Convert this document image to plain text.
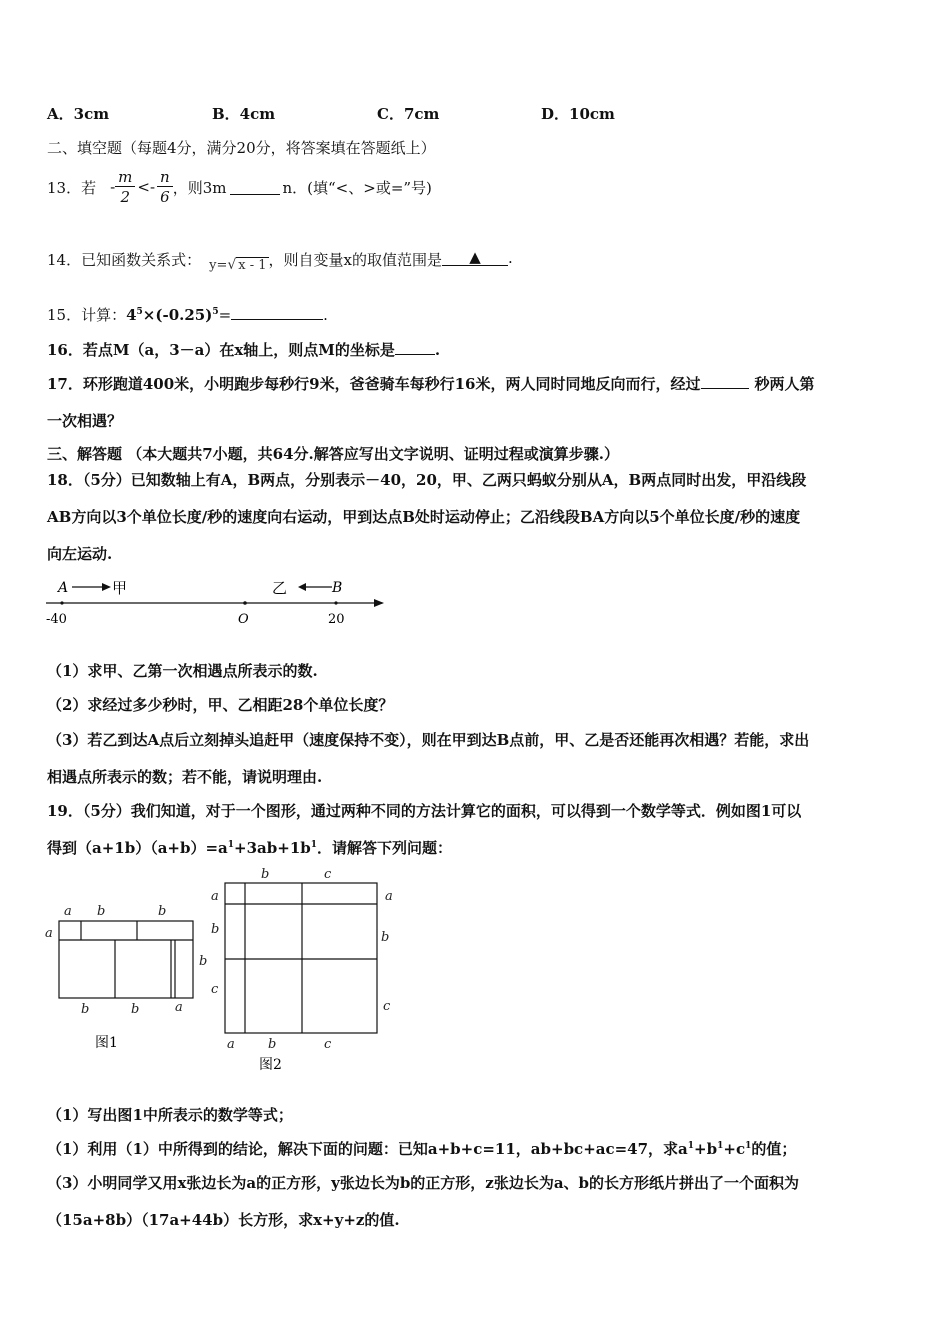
A．3cm	B．4cm	C．7cm	D．10cm
二、填空题（每题4分，满分20分，将答案填在答题纸上）
13．若 - $\frac{m}{2} <- \frac{n}{6}$ ，则3m	n．(填“<、>或=”号)
14．已知函数关系式： y=√ x - 1 ，则自变量x的取值范围是	▲	.
15．计算：$4^5\times(-0.25)^5=$	.
16．若点M（a，3－a）在x轴上，则点M的坐标是	.
17．环形跑道400米，小明跑步每秒行9米，爸爸骑车每秒行16米，两人同时同地反向而行，经过	秒两人第
一次相遇？
三、解答题 （本大题共7小题，共64分.解答应写出文字说明、证明过程或演算步骤.）
18．（5分）已知数轴上有A，B两点，分别表示－40，20，甲、乙两只蚂蚁分别从A，B两点同时出发，甲沿线段
AB方向以3个单位长度/秒的速度向右运动，甲到达点B处时运动停止；乙沿线段BA方向以5个单位长度/秒的速度
向左运动.
A	甲	乙	B
-40	O	20
（1）求甲、乙第一次相遇点所表示的数.
（2）求经过多少秒时，甲、乙相距28个单位长度？
（3）若乙到达A点后立刻掉头追赶甲（速度保持不变），则在甲到达B点前，甲、乙是否还能再次相遇？若能，求出
相遇点所表示的数；若不能，请说明理由.
19．（5分）我们知道，对于一个图形，通过两种不同的方法计算它的面积，可以得到一个数学等式．例如图1可以
得到$(a+1b)(a+b)=a^1+3ab+1b^1$．请解答下列问题：
a b	b
a
b
b	b	a
图1
b	c
a
b
c
a
b
c
a	b	c
图2
（1）写出图1中所表示的数学等式；
（1）利用（1）中所得到的结论，解决下面的问题：已知a+b+c=11，ab+bc+ac=47，求$a^1+b^1+c^1$的值；
（3）小明同学又用x张边长为a的正方形，y张边长为b的正方形，z张边长为a、b的长方形纸片拼出了一个面积为
（15a+8b）（17a+44b）长方形，求x+y+z的值.
